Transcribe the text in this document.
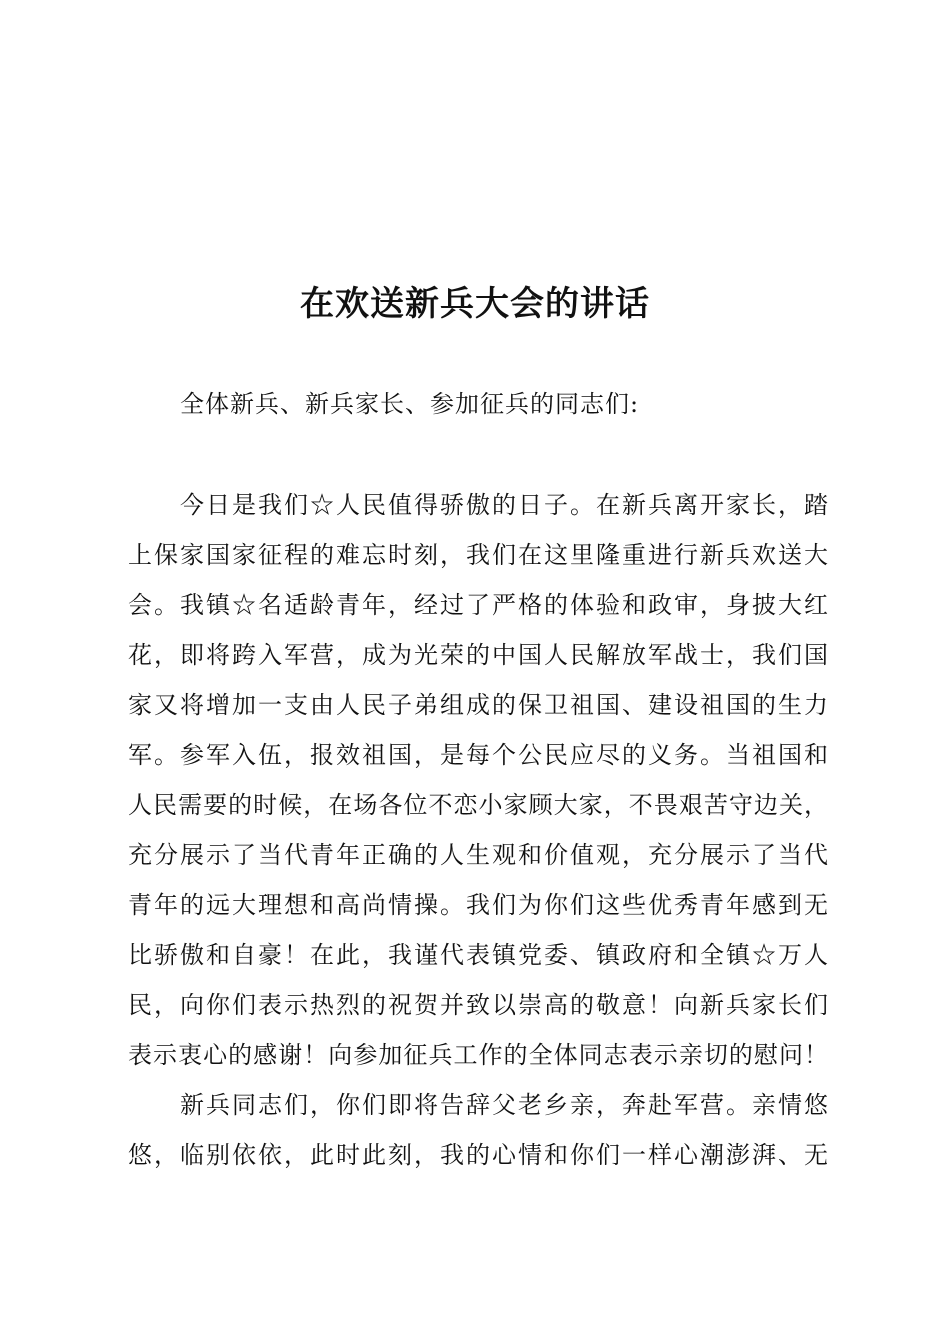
在欢送新兵大会的讲话

全体新兵、新兵家长、参加征兵的同志们:

今日是我们☆人民值得骄傲的日子。在新兵离开家长，踏
上保家国家征程的难忘时刻，我们在这里隆重进行新兵欢送大
会。我镇☆名适龄青年，经过了严格的体验和政审，身披大红
花，即将跨入军营，成为光荣的中国人民解放军战士，我们国
家又将增加一支由人民子弟组成的保卫祖国、建设祖国的生力
军。参军入伍，报效祖国，是每个公民应尽的义务。当祖国和
人民需要的时候，在场各位不恋小家顾大家，不畏艰苦守边关，
充分展示了当代青年正确的人生观和价值观，充分展示了当代
青年的远大理想和高尚情操。我们为你们这些优秀青年感到无
比骄傲和自豪！在此，我谨代表镇党委、镇政府和全镇☆万人
民，向你们表示热烈的祝贺并致以崇高的敬意！向新兵家长们
表示衷心的感谢！向参加征兵工作的全体同志表示亲切的慰问！
新兵同志们，你们即将告辞父老乡亲，奔赴军营。亲情悠
悠，临别依依，此时此刻，我的心情和你们一样心潮澎湃、无
